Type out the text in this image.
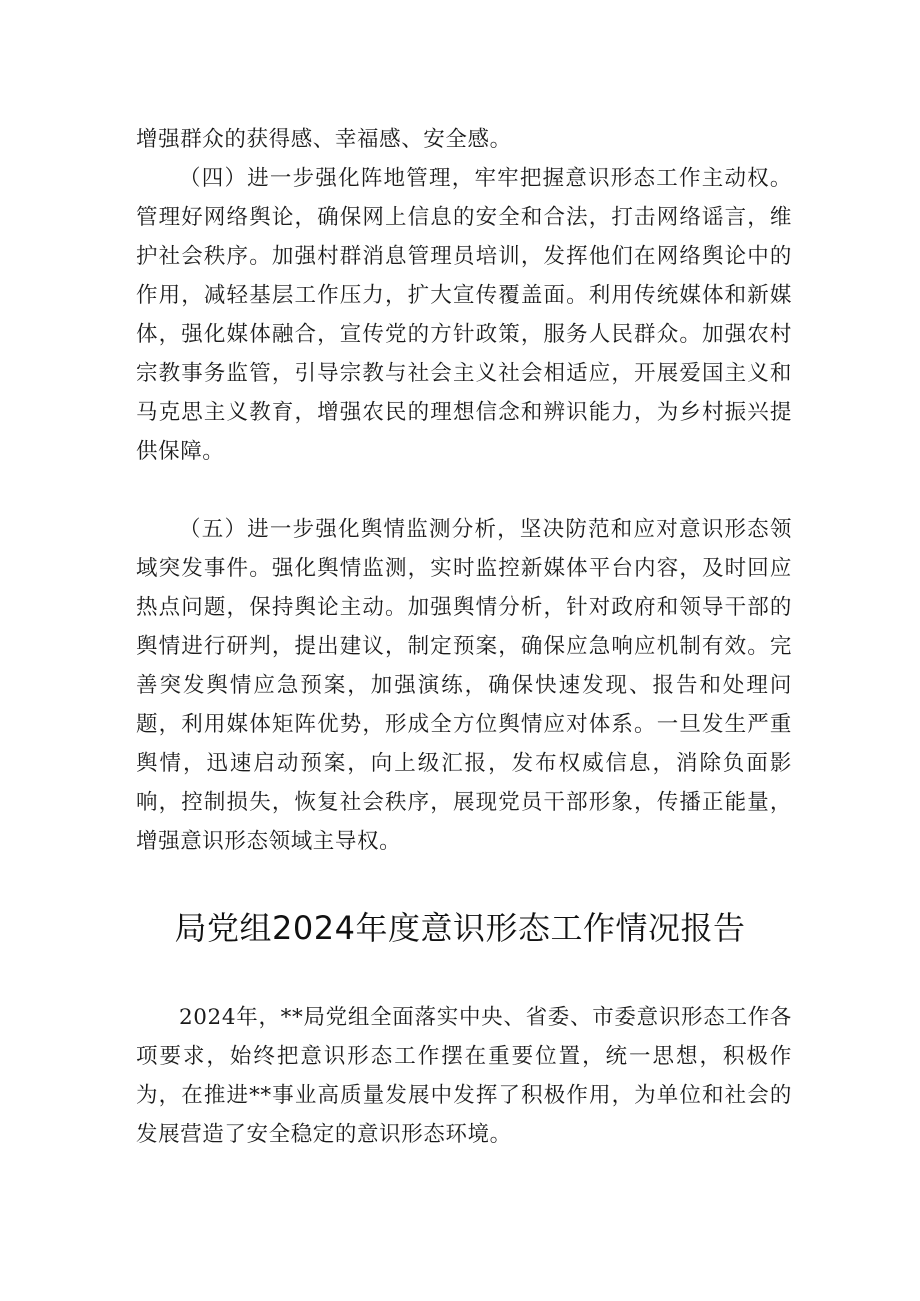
增强群众的获得感、幸福感、安全感。

（四）进一步强化阵地管理，牢牢把握意识形态工作主动权。管理好网络舆论，确保网上信息的安全和合法，打击网络谣言，维护社会秩序。加强村群消息管理员培训，发挥他们在网络舆论中的作用，减轻基层工作压力，扩大宣传覆盖面。利用传统媒体和新媒体，强化媒体融合，宣传党的方针政策，服务人民群众。加强农村宗教事务监管，引导宗教与社会主义社会相适应，开展爱国主义和马克思主义教育，增强农民的理想信念和辨识能力，为乡村振兴提供保障。

（五）进一步强化舆情监测分析，坚决防范和应对意识形态领域突发事件。强化舆情监测，实时监控新媒体平台内容，及时回应热点问题，保持舆论主动。加强舆情分析，针对政府和领导干部的舆情进行研判，提出建议，制定预案，确保应急响应机制有效。完善突发舆情应急预案，加强演练，确保快速发现、报告和处理问题，利用媒体矩阵优势，形成全方位舆情应对体系。一旦发生严重舆情，迅速启动预案，向上级汇报，发布权威信息，消除负面影响，控制损失，恢复社会秩序，展现党员干部形象，传播正能量，增强意识形态领域主导权。

局党组2024年度意识形态工作情况报告

2024年，**局党组全面落实中央、省委、市委意识形态工作各项要求，始终把意识形态工作摆在重要位置，统一思想，积极作为，在推进**事业高质量发展中发挥了积极作用，为单位和社会的发展营造了安全稳定的意识形态环境。
